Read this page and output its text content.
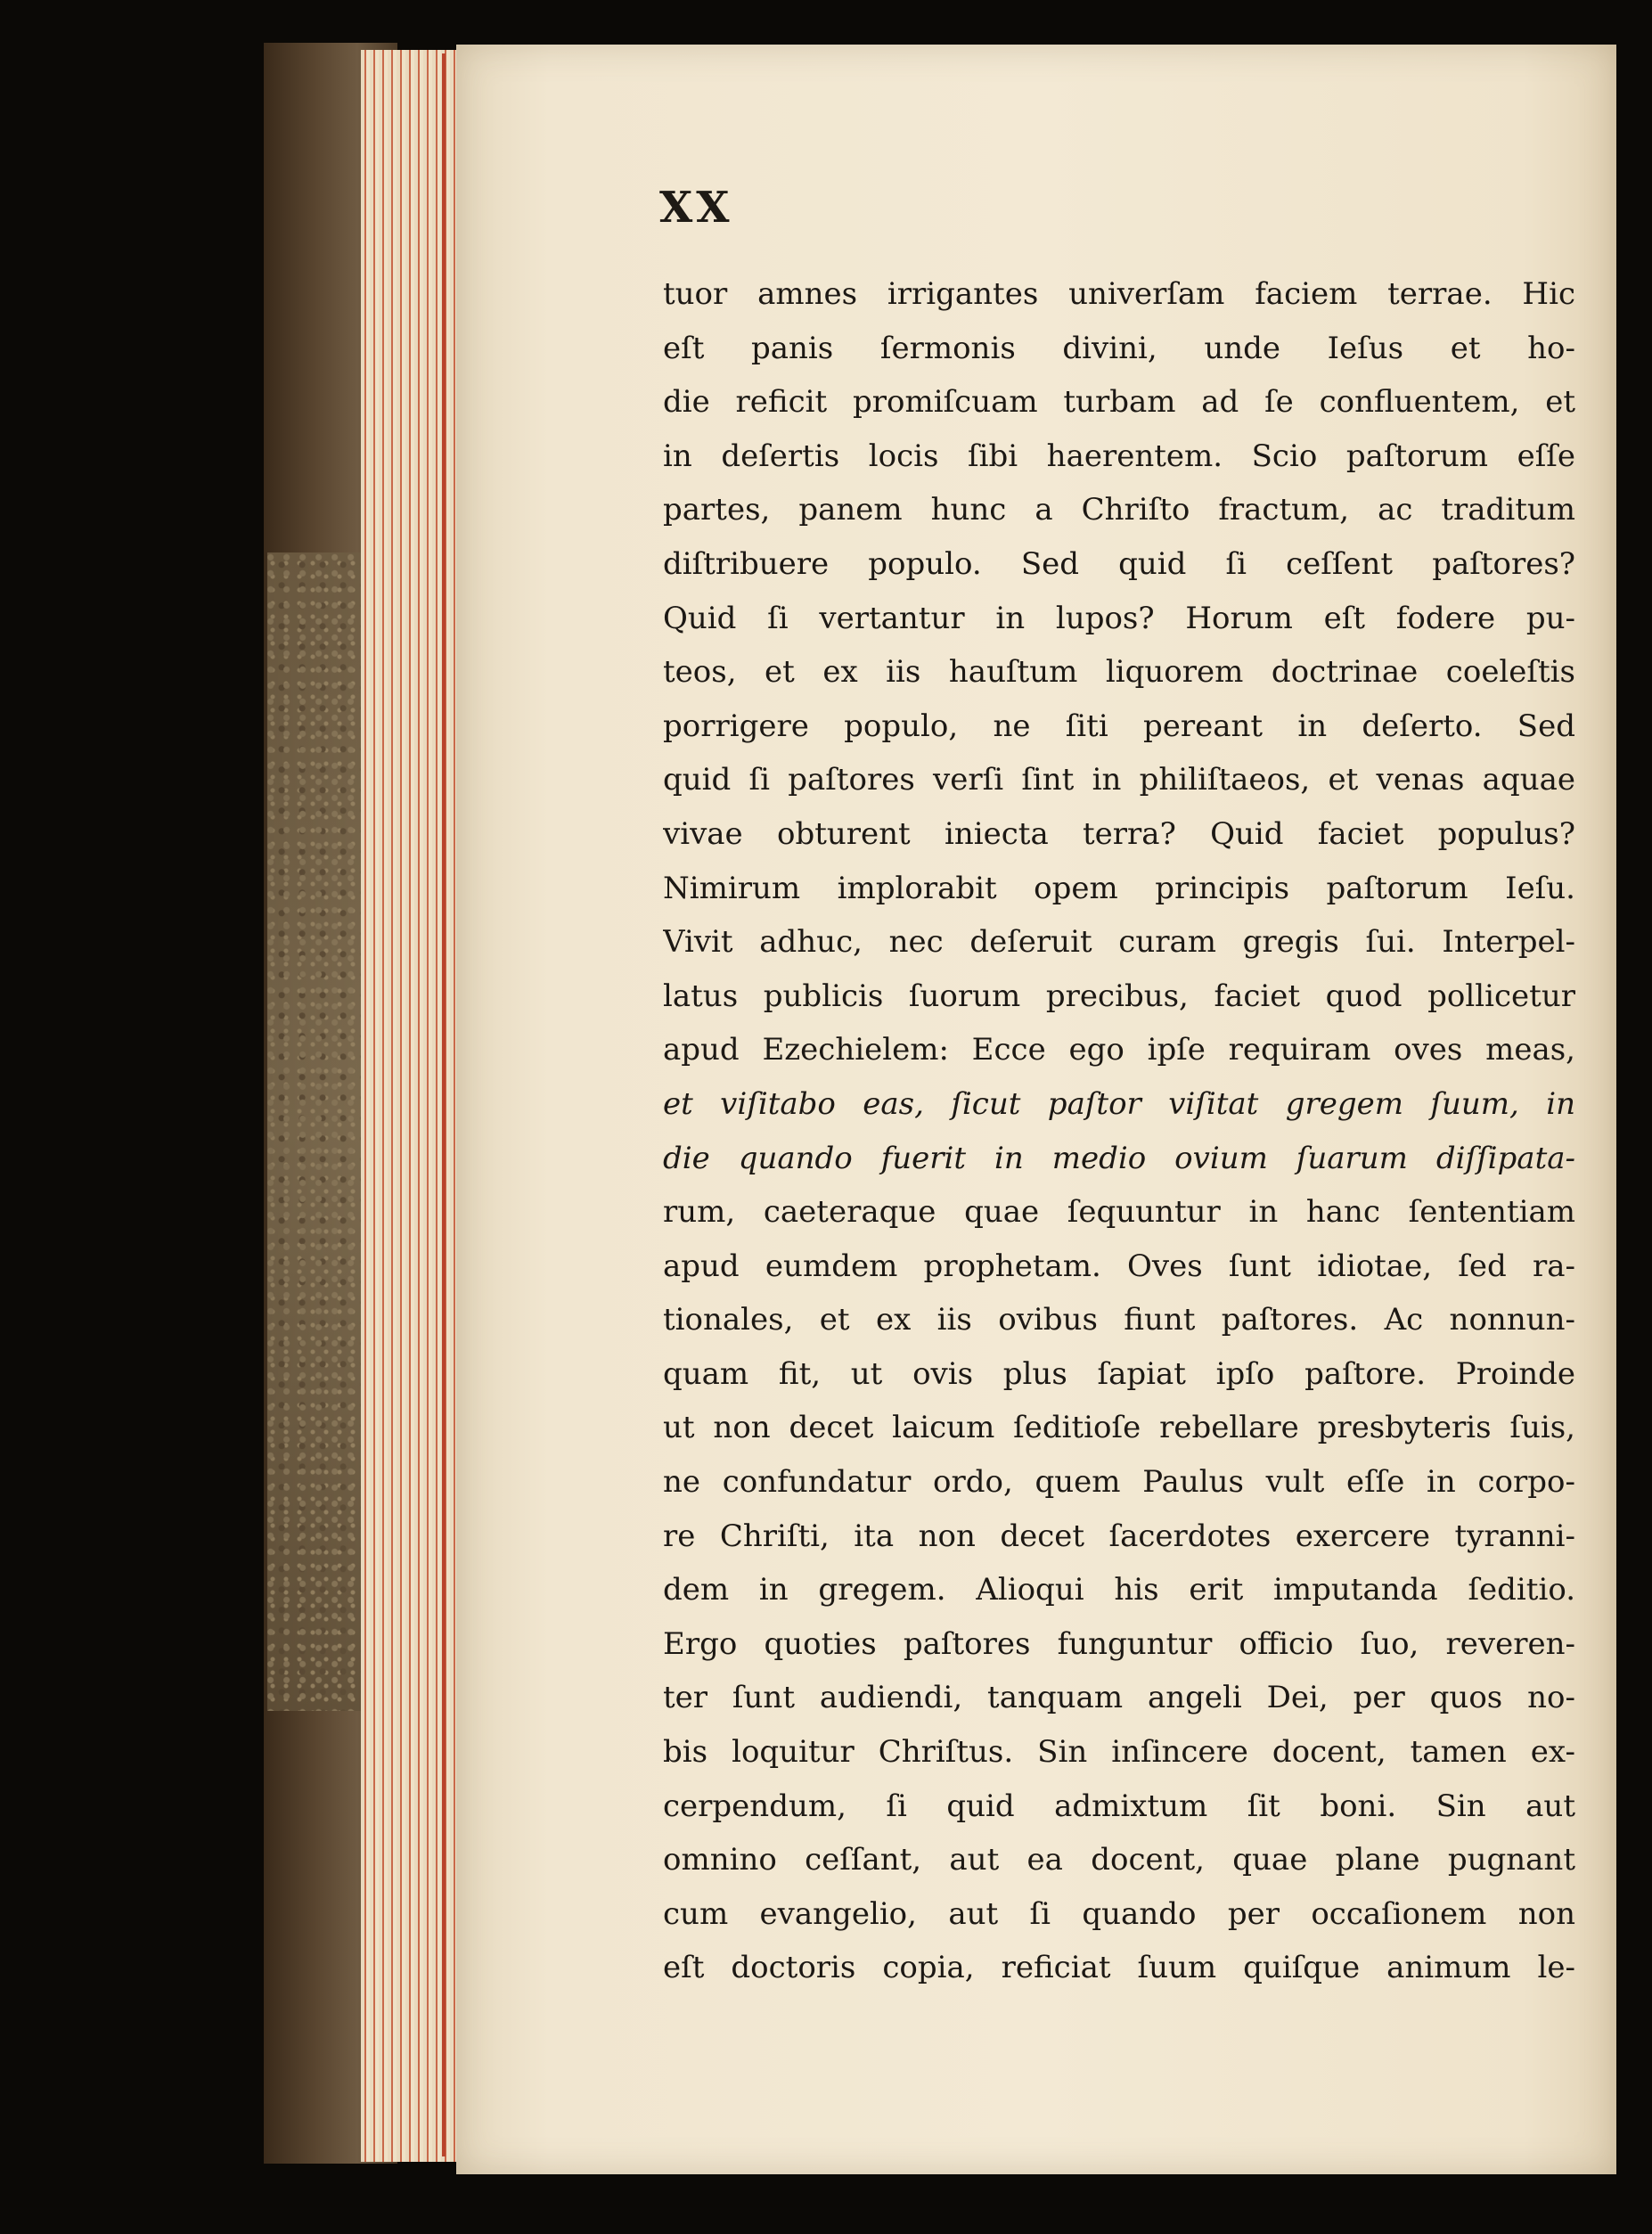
XX
tuor amnes irrigantes univerſam faciem terrae. Hic
eſt panis ſermonis divini, unde Ieſus et ho-
die reficit promiſcuam turbam ad ſe confluentem, et
in deſertis locis ſibi haerentem. Scio paſtorum eſſe
partes, panem hunc a Chriſto fractum, ac traditum
diſtribuere populo. Sed quid ſi ceſſent paſtores?
Quid ſi vertantur in lupos? Horum eſt fodere pu-
teos, et ex iis hauſtum liquorem doctrinae coeleſtis
porrigere populo, ne ſiti pereant in deſerto. Sed
quid ſi paſtores verſi ſint in philiſtaeos, et venas aquae
vivae obturent iniecta terra? Quid faciet populus?
Nimirum implorabit opem principis paſtorum Ieſu.
Vivit adhuc, nec deſeruit curam gregis ſui. Interpel-
latus publicis ſuorum precibus, faciet quod pollicetur
apud Ezechielem: Ecce ego ipſe requiram oves meas,
et viſitabo eas, ſicut paſtor viſitat gregem ſuum, in
die quando fuerit in medio ovium ſuarum diſſipata-
rum, caeteraque quae ſequuntur in hanc ſententiam
apud eumdem prophetam. Oves ſunt idiotae, ſed ra-
tionales, et ex iis ovibus fiunt paſtores. Ac nonnun-
quam fit, ut ovis plus ſapiat ipſo paſtore. Proinde
ut non decet laicum ſeditioſe rebellare presbyteris ſuis,
ne confundatur ordo, quem Paulus vult eſſe in corpo-
re Chriſti, ita non decet ſacerdotes exercere tyranni-
dem in gregem. Alioqui his erit imputanda ſeditio.
Ergo quoties paſtores funguntur officio ſuo, reveren-
ter ſunt audiendi, tanquam angeli Dei, per quos no-
bis loquitur Chriſtus. Sin inſincere docent, tamen ex-
cerpendum, ſi quid admixtum ſit boni. Sin aut
omnino ceſſant, aut ea docent, quae plane pugnant
cum evangelio, aut ſi quando per occaſionem non
eſt doctoris copia, reficiat ſuum quiſque animum le-
